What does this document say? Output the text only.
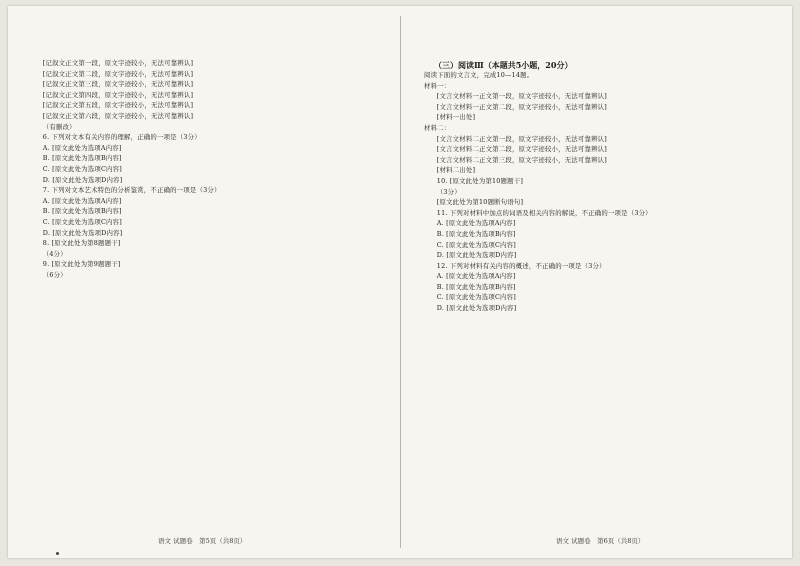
[记叙文正文第一段，原文字迹较小，无法可靠辨认]

[记叙文正文第二段，原文字迹较小，无法可靠辨认]

[记叙文正文第三段，原文字迹较小，无法可靠辨认]

[记叙文正文第四段，原文字迹较小，无法可靠辨认]

[记叙文正文第五段，原文字迹较小，无法可靠辨认]

[记叙文正文第六段，原文字迹较小，无法可靠辨认]

（有删改）

6. 下列对文本有关内容的理解，正确的一项是（3分）

A. [原文此处为选项A内容]

B. [原文此处为选项B内容]

C. [原文此处为选项C内容]

D. [原文此处为选项D内容]

7. 下列对文本艺术特色的分析鉴赏，不正确的一项是（3分）

A. [原文此处为选项A内容]

B. [原文此处为选项B内容]

C. [原文此处为选项C内容]

D. [原文此处为选项D内容]

8. [原文此处为第8题题干]

（4分）

9. [原文此处为第9题题干]

（6分）

（三）阅读Ⅲ（本题共5小题，20分）

阅读下面的文言文，完成10—14题。

材料一：

[文言文材料一正文第一段，原文字迹较小，无法可靠辨认]

[文言文材料一正文第二段，原文字迹较小，无法可靠辨认]

[材料一出处]

材料二：

[文言文材料二正文第一段，原文字迹较小，无法可靠辨认]

[文言文材料二正文第二段，原文字迹较小，无法可靠辨认]

[文言文材料二正文第三段，原文字迹较小，无法可靠辨认]

[材料二出处]

10. [原文此处为第10题题干]

（3分）

[原文此处为第10题断句语句]

11. 下列对材料中加点的词语及相关内容的解说，不正确的一项是（3分）

A. [原文此处为选项A内容]

B. [原文此处为选项B内容]

C. [原文此处为选项C内容]

D. [原文此处为选项D内容]

12. 下列对材料有关内容的概述，不正确的一项是（3分）

A. [原文此处为选项A内容]

B. [原文此处为选项B内容]

C. [原文此处为选项C内容]

D. [原文此处为选项D内容]

语文 试题卷　第5页（共8页）	语文 试题卷　第6页（共8页）
